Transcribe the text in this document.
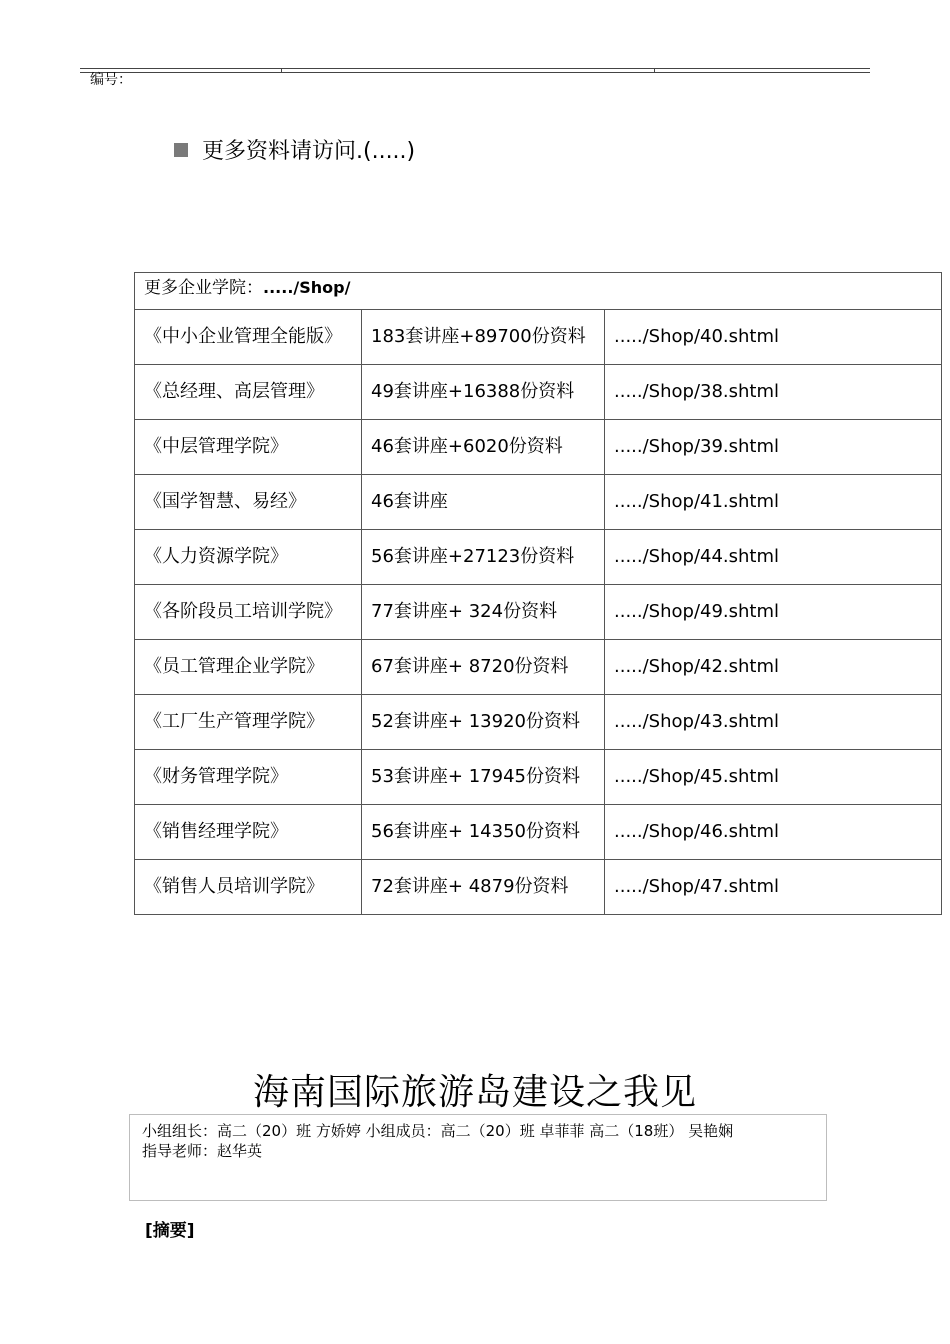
编号：
更多资料请访问.(.....)
更多企业学院：...../Shop/		
《中小企业管理全能版》	183套讲座+89700份资料	...../Shop/40.shtml
《总经理、高层管理》	49套讲座+16388份资料	...../Shop/38.shtml
《中层管理学院》	46套讲座+6020份资料	...../Shop/39.shtml
《国学智慧、易经》	46套讲座	...../Shop/41.shtml
《人力资源学院》	56套讲座+27123份资料	...../Shop/44.shtml
《各阶段员工培训学院》	77套讲座+ 324份资料	...../Shop/49.shtml
《员工管理企业学院》	67套讲座+ 8720份资料	...../Shop/42.shtml
《工厂生产管理学院》	52套讲座+ 13920份资料	...../Shop/43.shtml
《财务管理学院》	53套讲座+ 17945份资料	...../Shop/45.shtml
《销售经理学院》	56套讲座+ 14350份资料	...../Shop/46.shtml
《销售人员培训学院》	72套讲座+ 4879份资料	...../Shop/47.shtml
海南国际旅游岛建设之我见
小组组长：高二（20）班 方娇婷 小组成员：高二（20）班 卓菲菲 高二（18班） 吴艳娴
指导老师：赵华英
[摘要]
